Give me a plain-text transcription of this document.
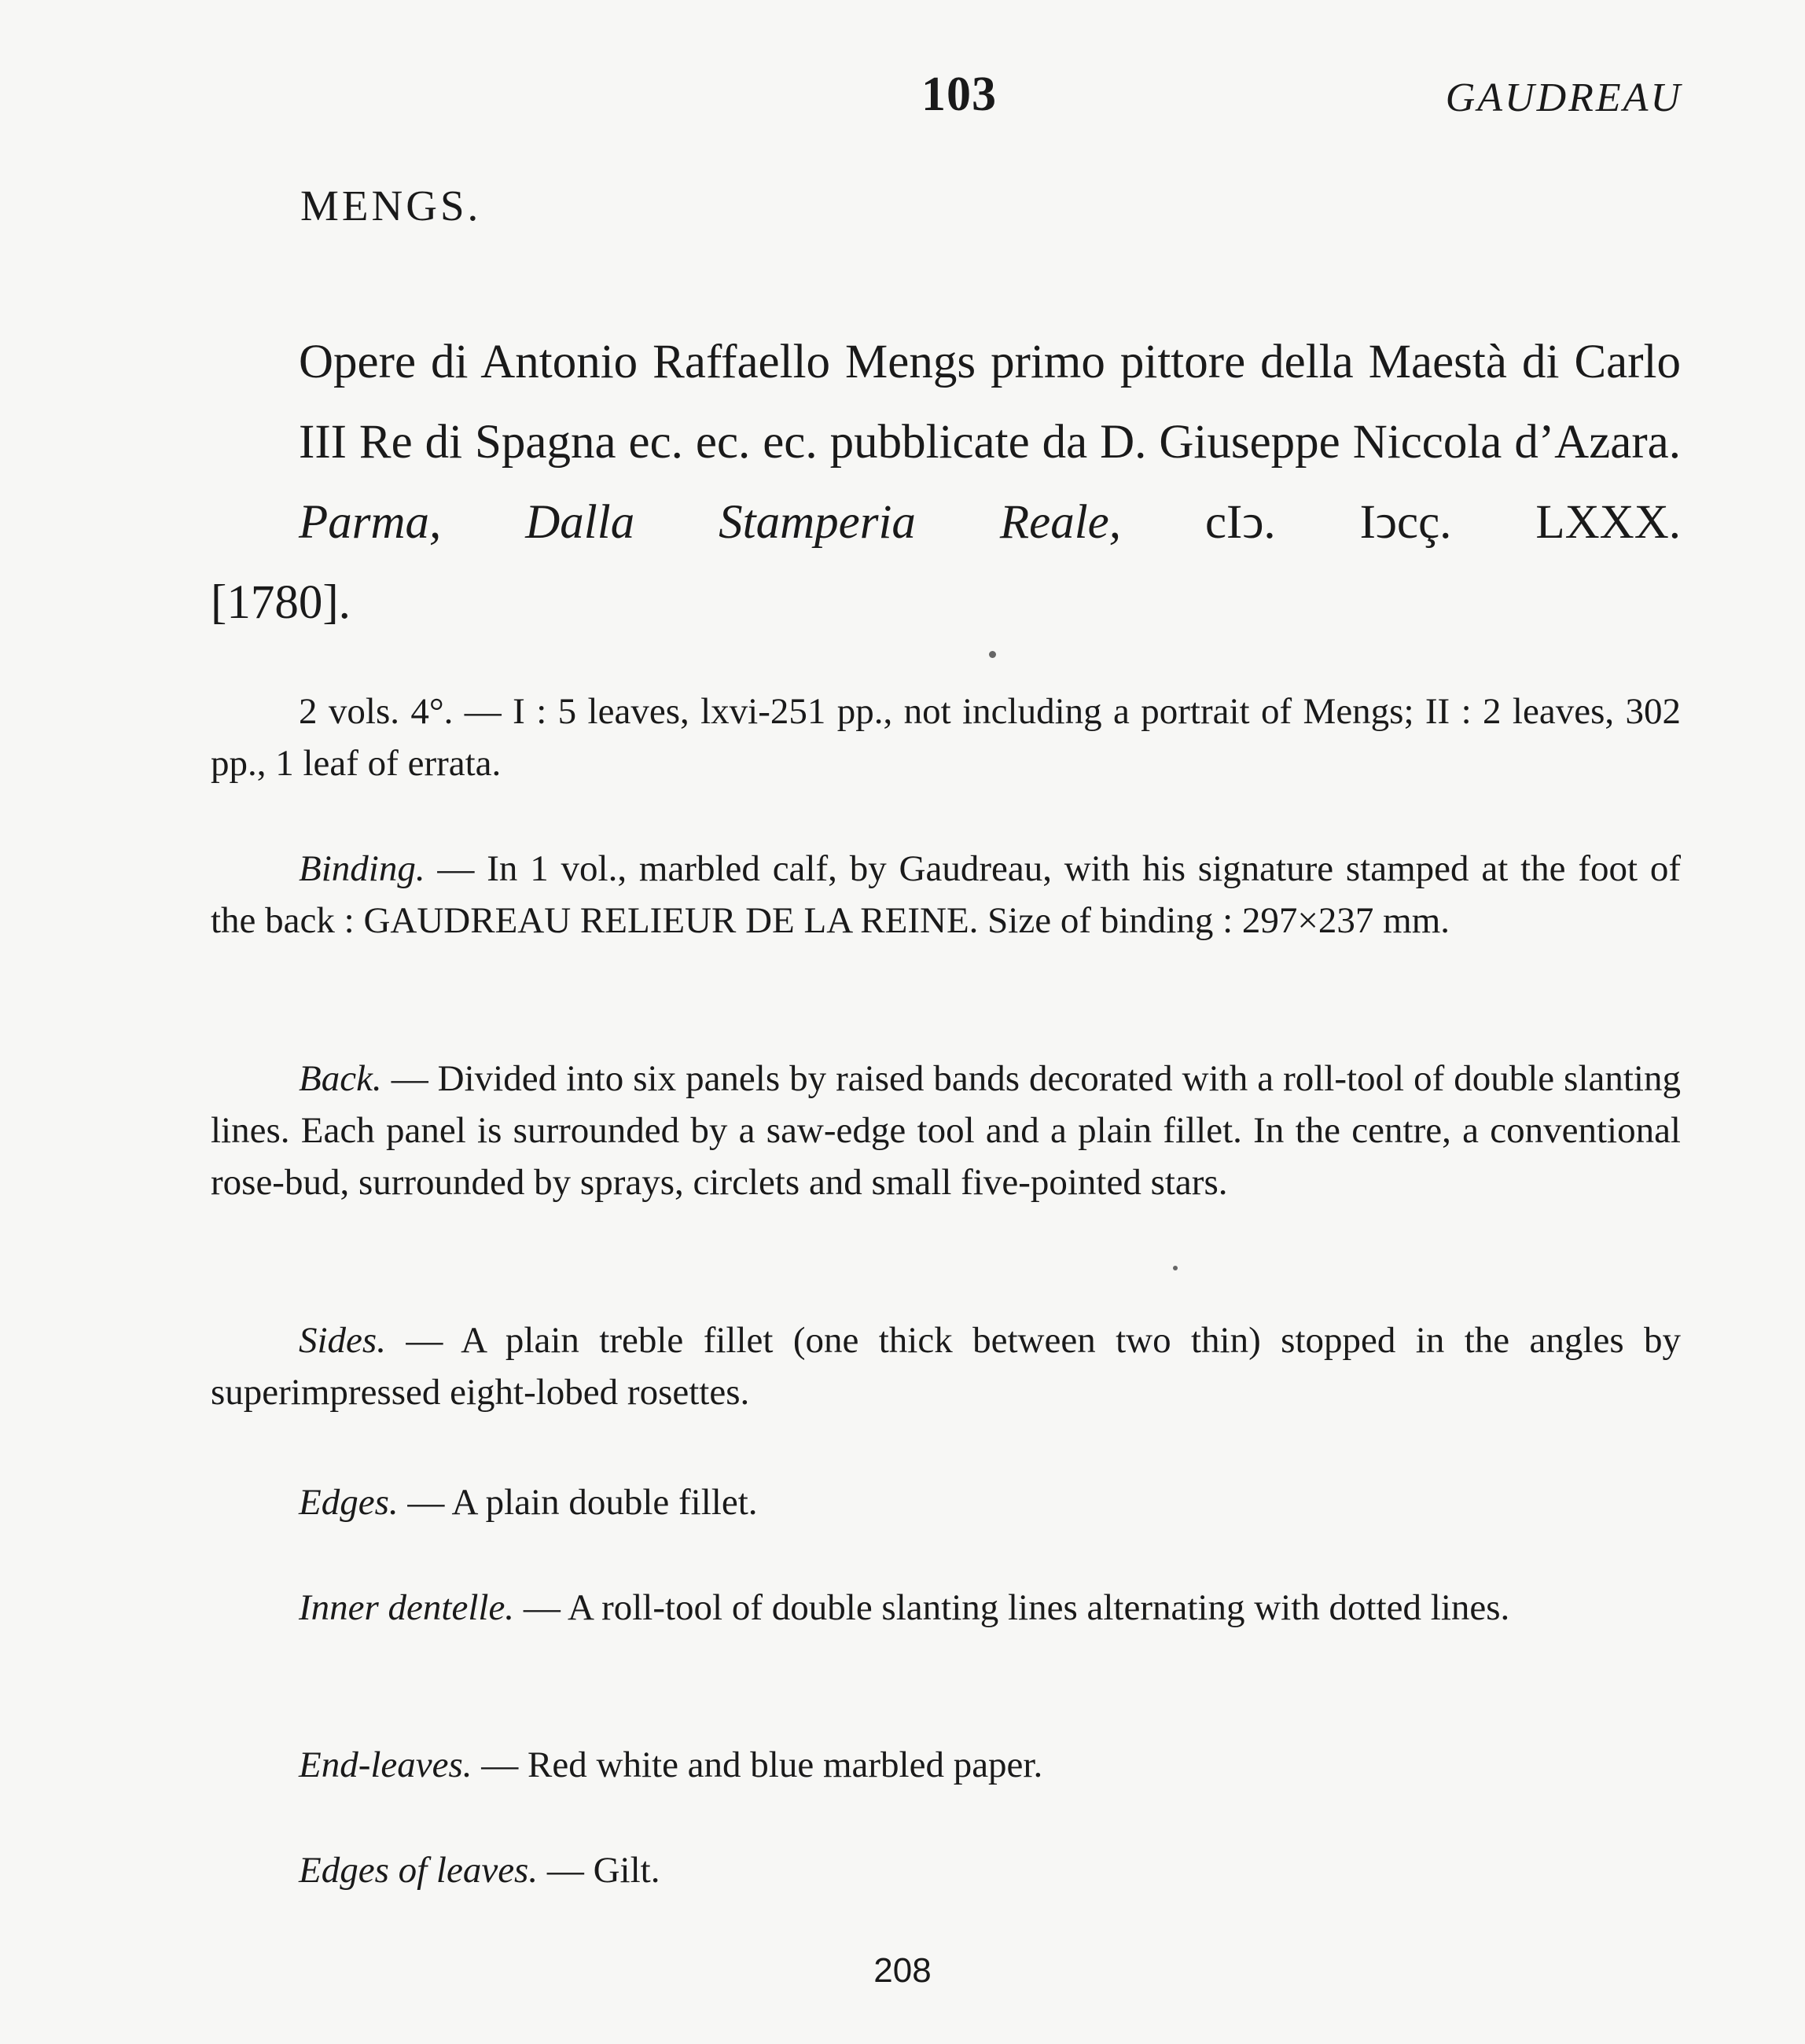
103	GAUDREAU
MENGS.
Opere di Antonio Raffaello Mengs primo pittore della Maestà di Carlo III Re di Spagna ec. ec. ec. pubblicate da D. Giuseppe Niccola d’Azara. Parma, Dalla Stamperia Reale, cIↄ. Iↄcç. LXXX.
[1780].
2 vols. 4°. — I : 5 leaves, lxvi-251 pp., not including a portrait of Mengs; II : 2 leaves, 302 pp., 1 leaf of errata.
Binding. — In 1 vol., marbled calf, by Gaudreau, with his signature stamped at the foot of the back : GAUDREAU RELIEUR DE LA REINE. Size of binding : 297×237 mm.
Back. — Divided into six panels by raised bands decorated with a roll-tool of double slanting lines. Each panel is surrounded by a saw-edge tool and a plain fillet. In the centre, a conventional rose-bud, surrounded by sprays, circlets and small five-pointed stars.
Sides. — A plain treble fillet (one thick between two thin) stopped in the angles by superimpressed eight-lobed rosettes.
Edges. — A plain double fillet.
Inner dentelle. — A roll-tool of double slanting lines alternating with dotted lines.
End-leaves. — Red white and blue marbled paper.
Edges of leaves. — Gilt.
208
